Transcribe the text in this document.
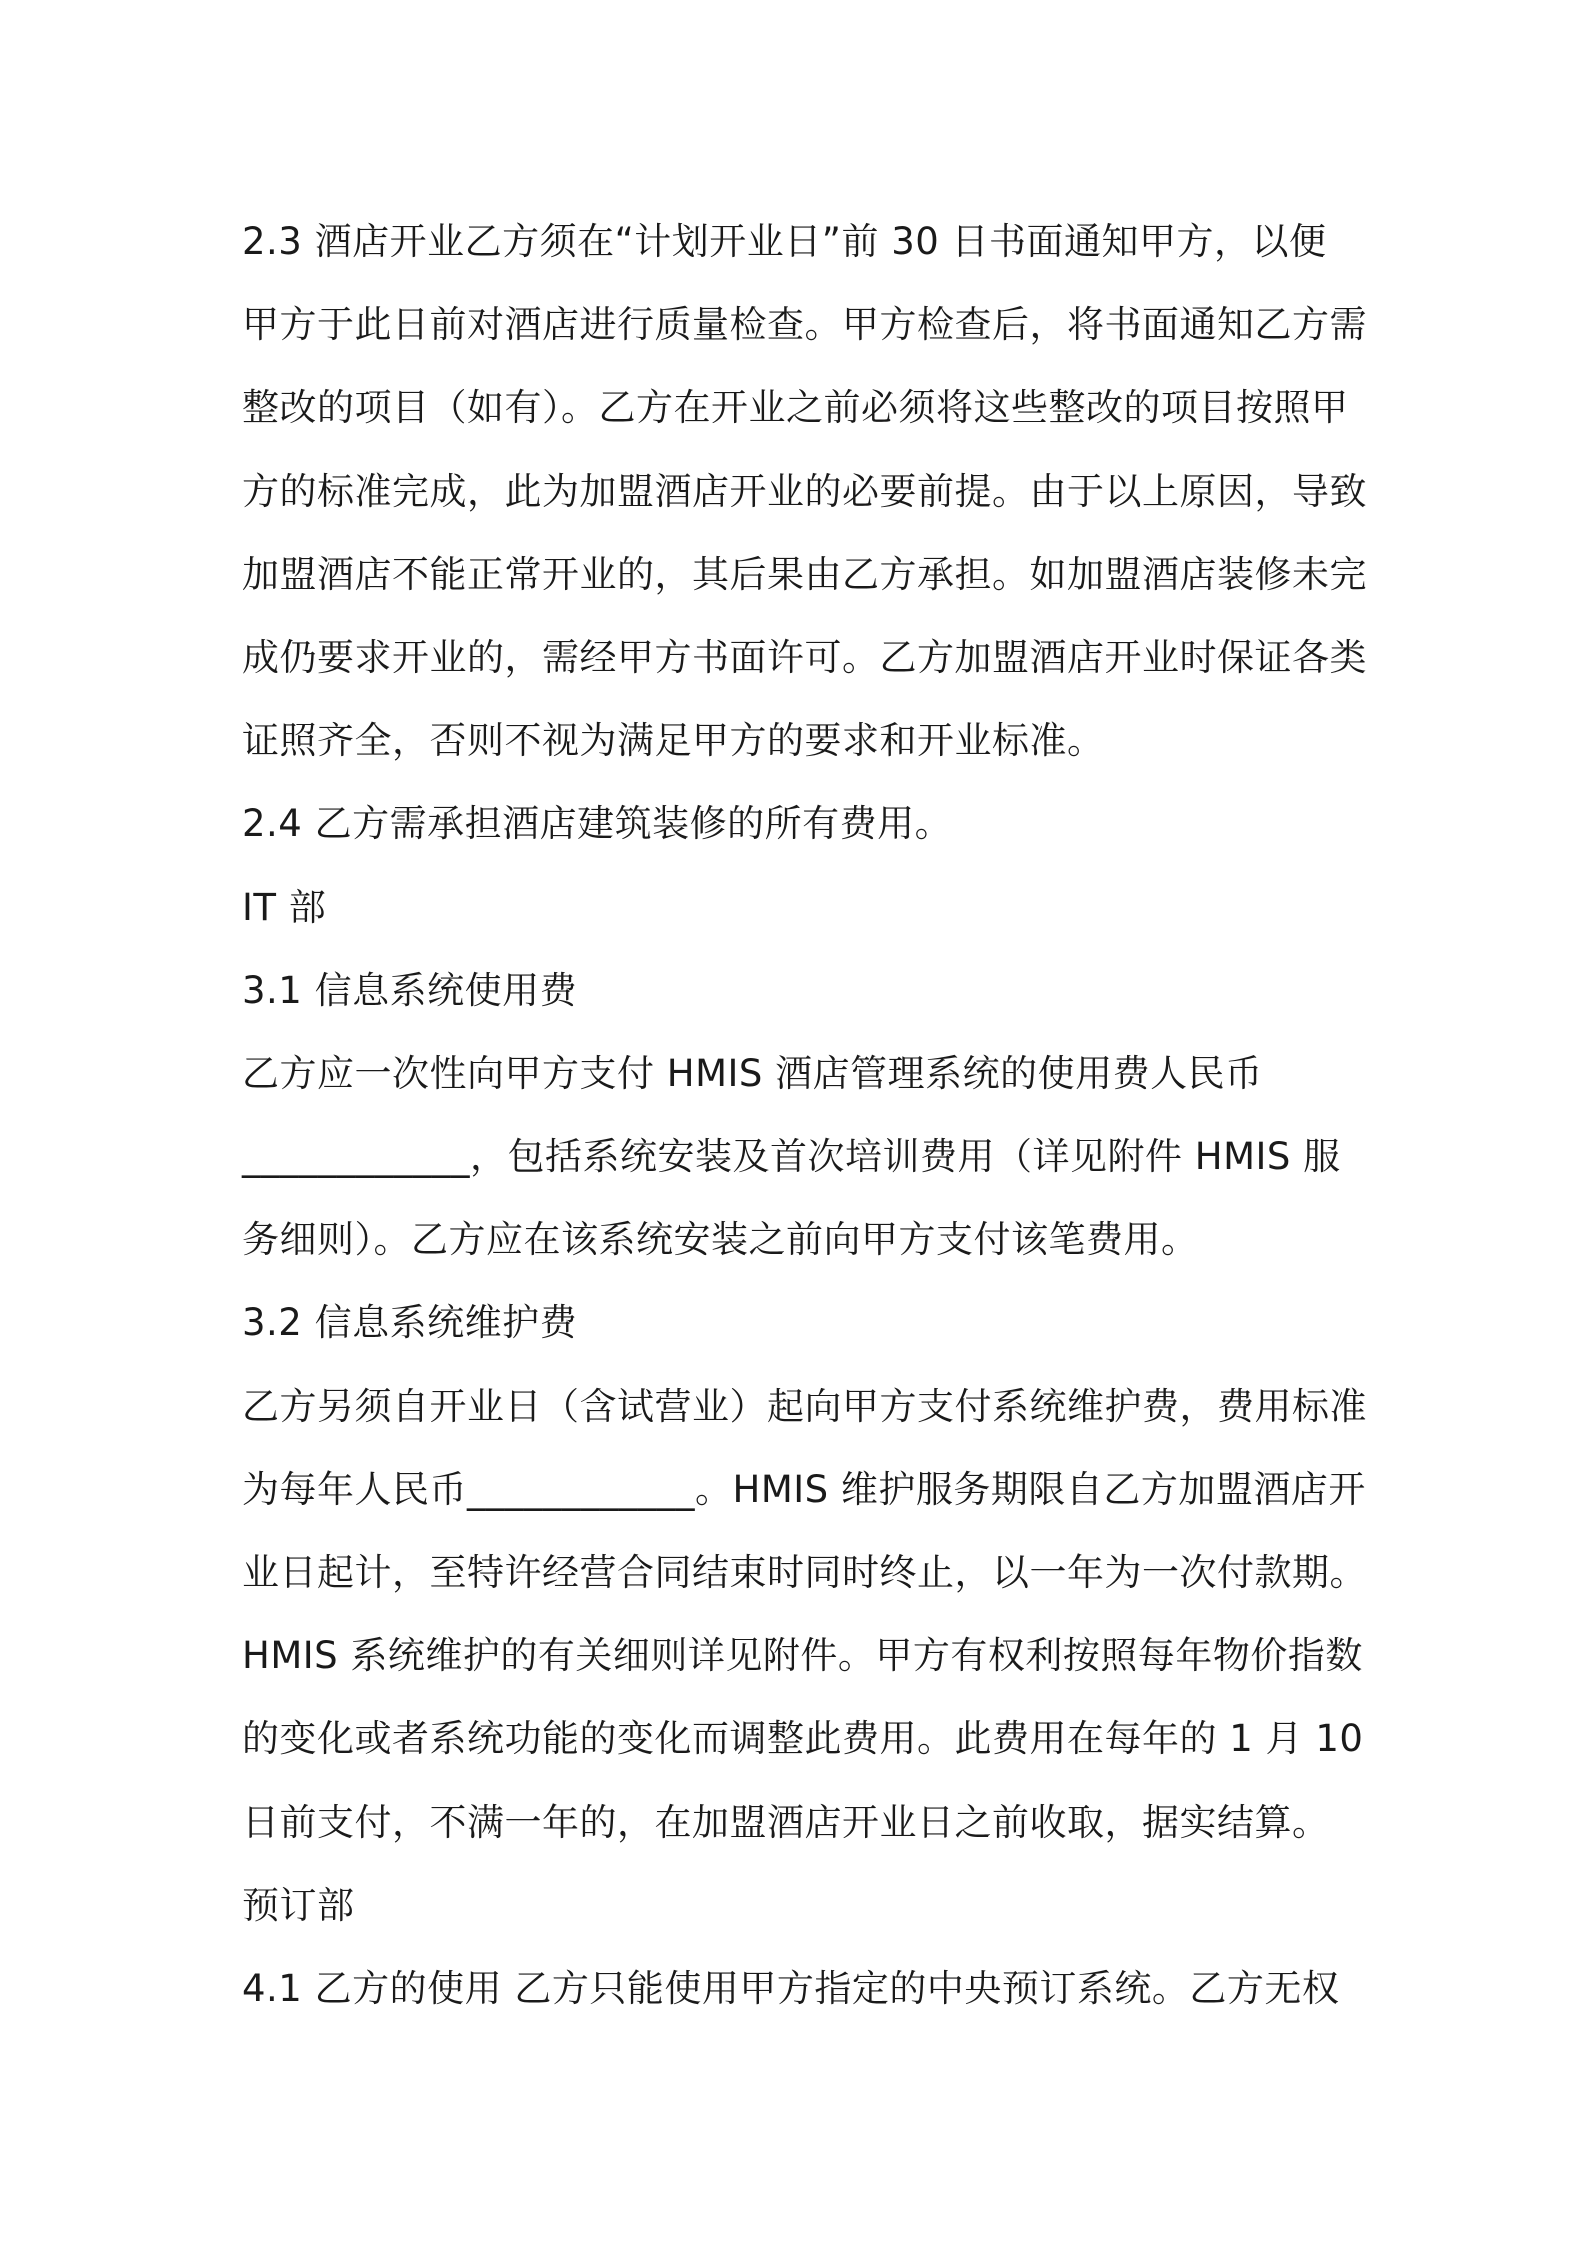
2.3 酒店开业乙方须在“计划开业日”前 30 日书面通知甲方，以便
甲方于此日前对酒店进行质量检查。甲方检查后，将书面通知乙方需
整改的项目（如有）。乙方在开业之前必须将这些整改的项目按照甲
方的标准完成，此为加盟酒店开业的必要前提。由于以上原因，导致
加盟酒店不能正常开业的，其后果由乙方承担。如加盟酒店装修未完
成仍要求开业的，需经甲方书面许可。乙方加盟酒店开业时保证各类
证照齐全，否则不视为满足甲方的要求和开业标准。
2.4 乙方需承担酒店建筑装修的所有费用。
IT 部
3.1 信息系统使用费
乙方应一次性向甲方支付 HMIS 酒店管理系统的使用费人民币
____________，包括系统安装及首次培训费用（详见附件 HMIS 服
务细则）。乙方应在该系统安装之前向甲方支付该笔费用。
3.2 信息系统维护费
乙方另须自开业日（含试营业）起向甲方支付系统维护费，费用标准
为每年人民币____________。HMIS 维护服务期限自乙方加盟酒店开
业日起计，至特许经营合同结束时同时终止，以一年为一次付款期。
HMIS 系统维护的有关细则详见附件。甲方有权利按照每年物价指数
的变化或者系统功能的变化而调整此费用。此费用在每年的 1 月 10
日前支付，不满一年的，在加盟酒店开业日之前收取，据实结算。
预订部
4.1 乙方的使用 乙方只能使用甲方指定的中央预订系统。乙方无权
